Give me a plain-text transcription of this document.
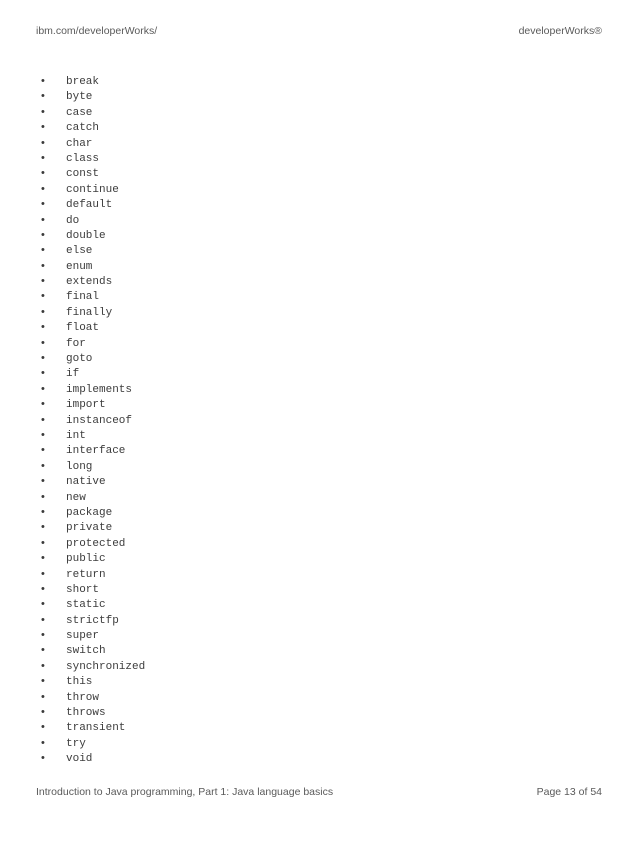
ibm.com/developerWorks/	developerWorks®
• break
• byte
• case
• catch
• char
• class
• const
• continue
• default
• do
• double
• else
• enum
• extends
• final
• finally
• float
• for
• goto
• if
• implements
• import
• instanceof
• int
• interface
• long
• native
• new
• package
• private
• protected
• public
• return
• short
• static
• strictfp
• super
• switch
• synchronized
• this
• throw
• throws
• transient
• try
• void
Introduction to Java programming, Part 1: Java language basics	Page 13 of 54
